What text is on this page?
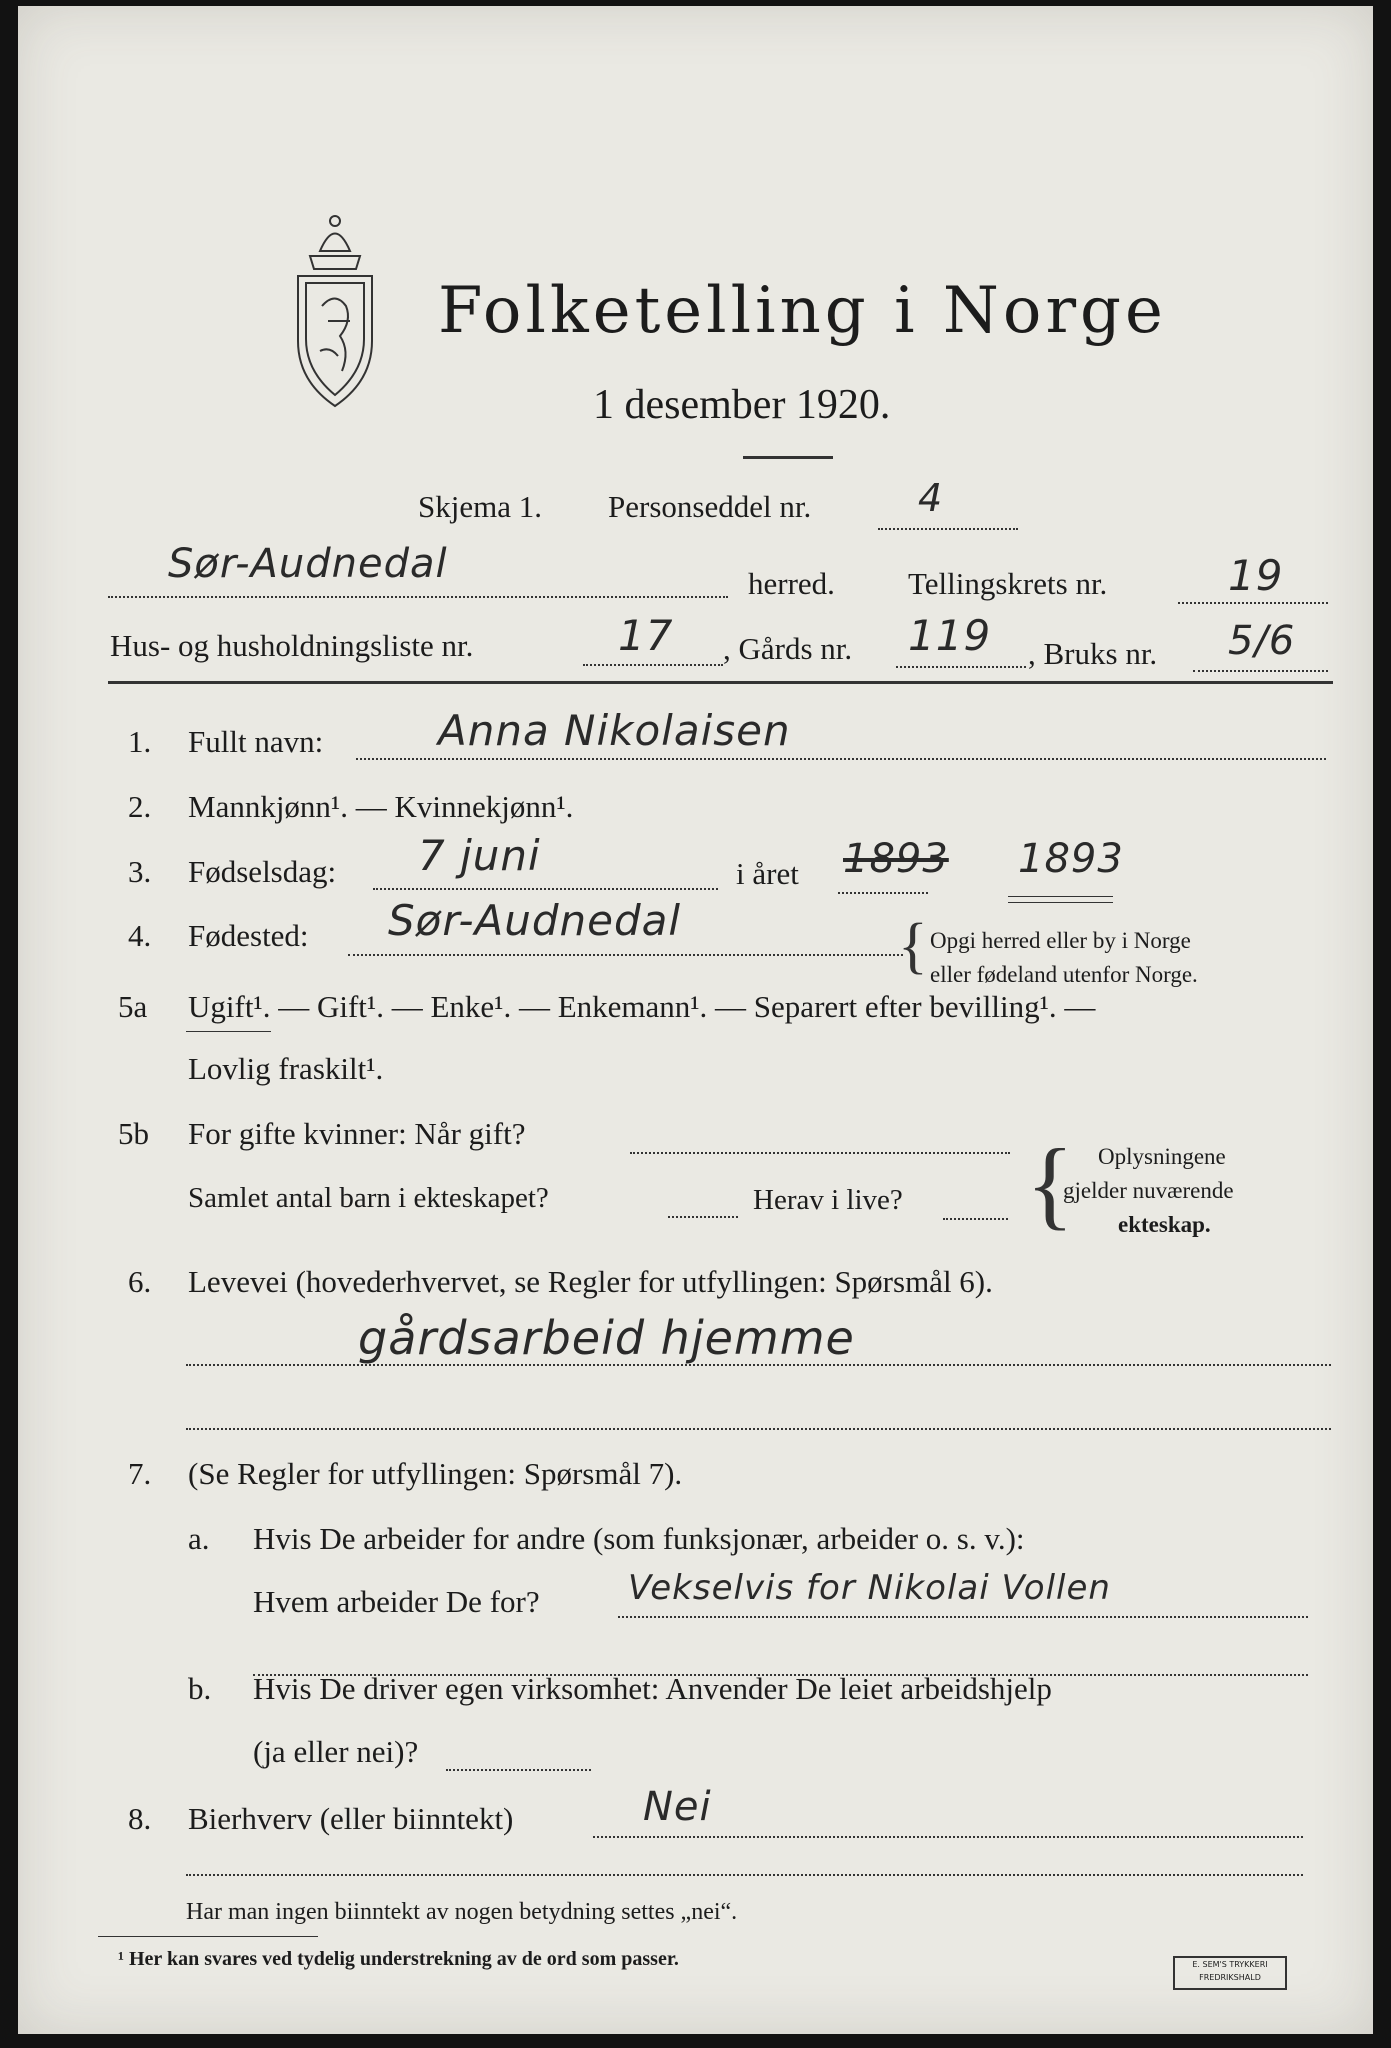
Folketelling i Norge
1 desember 1920.
Skjema 1. Personseddel nr.	4
Sør-Audnedal	herred. Tellingskrets nr.	19
Hus- og husholdningsliste nr.	17 , Gårds nr. 119 , Bruks nr. 5/6
1. Fullt navn:	Anna Nikolaisen
2. Mannkjønn¹. — Kvinnekjønn¹.
3. Fødselsdag: 7 juni	i året 1893 1893
4. Fødested: Sør-Audnedal	{ Opgi herred eller by i Norge
eller fødeland utenfor Norge.
5a Ugift¹. — Gift¹. — Enke¹. — Enkemann¹. — Separert efter bevilling¹. —
Lovlig fraskilt¹.
5b For gifte kvinner: Når gift?
Samlet antal barn i ekteskapet?	Herav i live? { Oplysningene
gjelder nuværende
ekteskap.
6. Levevei (hovederhvervet, se Regler for utfyllingen: Spørsmål 6).
gårdsarbeid hjemme
7. (Se Regler for utfyllingen: Spørsmål 7).
a. Hvis De arbeider for andre (som funksjonær, arbeider o. s. v.):
Hvem arbeider De for?	Vekselvis for Nikolai Vollen
b. Hvis De driver egen virksomhet: Anvender De leiet arbeidshjelp
(ja eller nei)?
8. Bierhverv (eller biinntekt)	Nei
Har man ingen biinntekt av nogen betydning settes „nei“.
¹ Her kan svares ved tydelig understrekning av de ord som passer.	E. SEM'S TRYKKERI
FREDRIKSHALD
